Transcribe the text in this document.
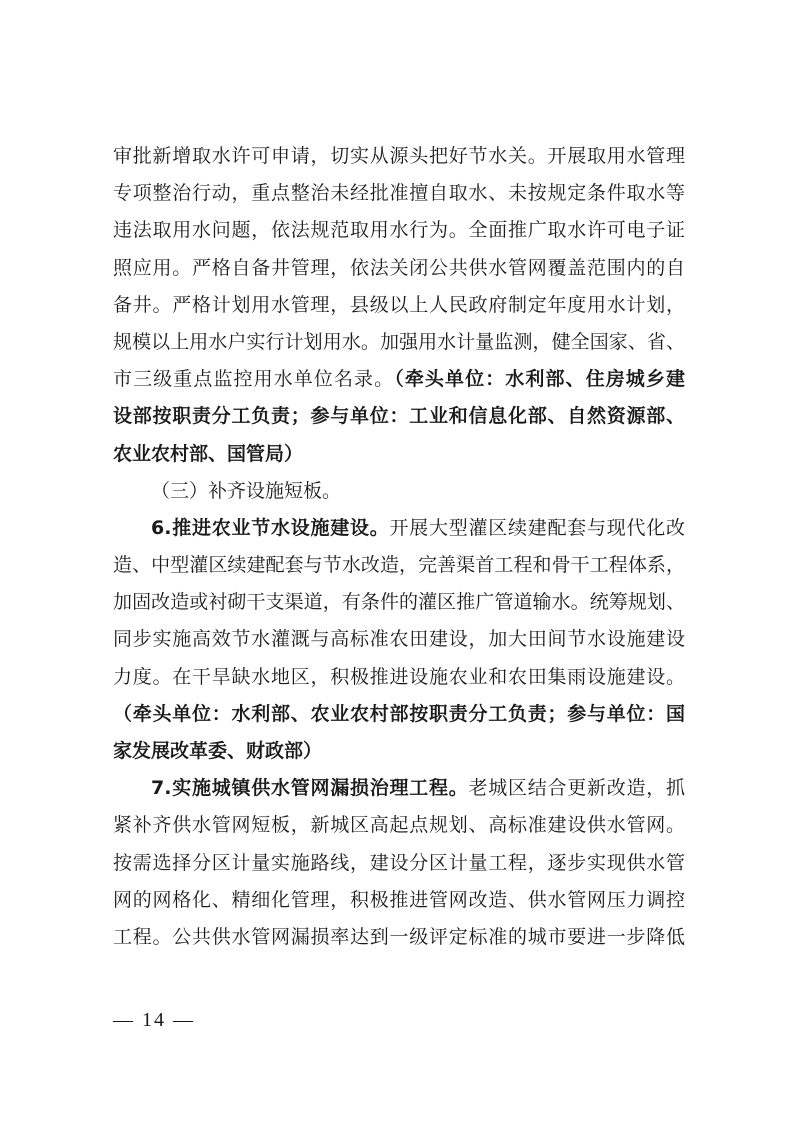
审批新增取水许可申请，切实从源头把好节水关。开展取用水管理
专项整治行动，重点整治未经批准擅自取水、未按规定条件取水等
违法取用水问题，依法规范取用水行为。全面推广取水许可电子证
照应用。严格自备井管理，依法关闭公共供水管网覆盖范围内的自
备井。严格计划用水管理，县级以上人民政府制定年度用水计划，
规模以上用水户实行计划用水。加强用水计量监测，健全国家、省、
市三级重点监控用水单位名录。（牵头单位：水利部、住房城乡建
设部按职责分工负责；参与单位：工业和信息化部、自然资源部、
农业农村部、国管局）
（三）补齐设施短板。
6.推进农业节水设施建设。开展大型灌区续建配套与现代化改
造、中型灌区续建配套与节水改造，完善渠首工程和骨干工程体系，
加固改造或衬砌干支渠道，有条件的灌区推广管道输水。统筹规划、
同步实施高效节水灌溉与高标准农田建设，加大田间节水设施建设
力度。在干旱缺水地区，积极推进设施农业和农田集雨设施建设。
（牵头单位：水利部、农业农村部按职责分工负责；参与单位：国
家发展改革委、财政部）
7.实施城镇供水管网漏损治理工程。老城区结合更新改造，抓
紧补齐供水管网短板，新城区高起点规划、高标准建设供水管网。
按需选择分区计量实施路线，建设分区计量工程，逐步实现供水管
网的网格化、精细化管理，积极推进管网改造、供水管网压力调控
工程。公共供水管网漏损率达到一级评定标准的城市要进一步降低
— 14 —
